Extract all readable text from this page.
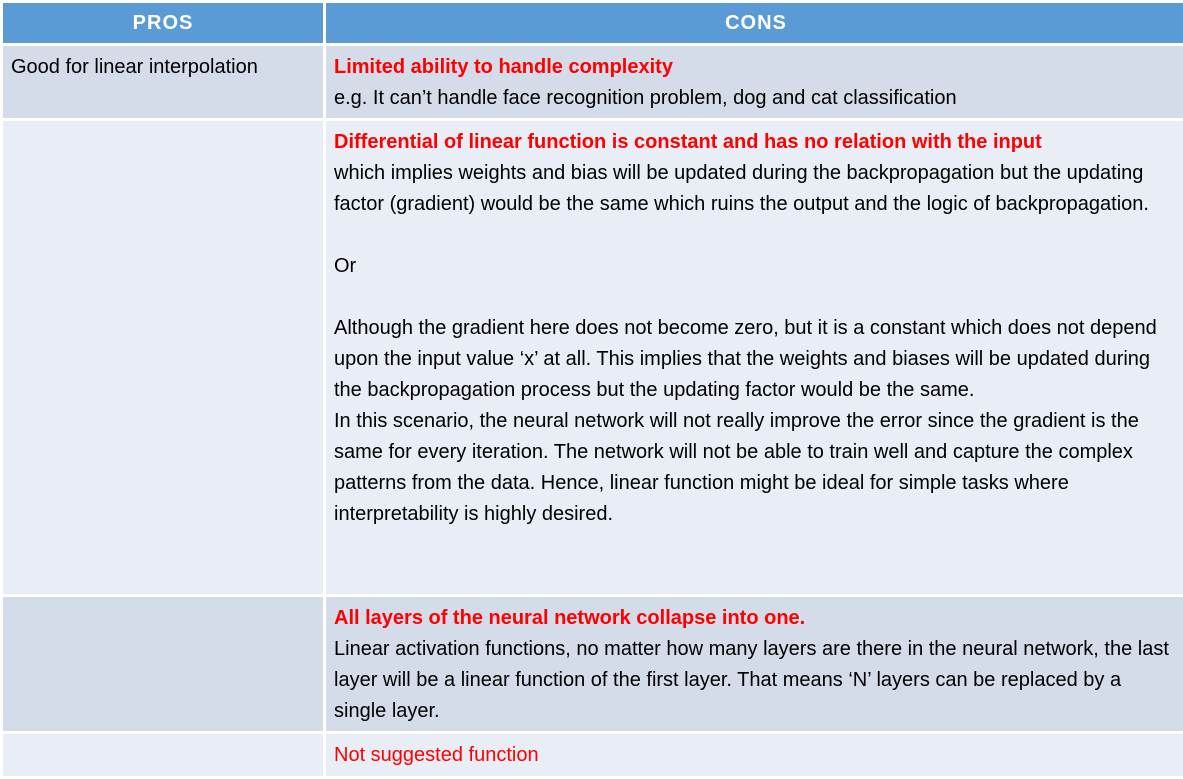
PROS	CONS

Good for linear interpolation	Limited ability to handle complexity

e.g. It can’t handle face recognition problem, dog and cat classification

	Differential of linear function is constant and has no relation with the input

which implies weights and bias will be updated during the backpropagation but the updating factor (gradient) would be the same which ruins the output and the logic of backpropagation.

Or

Although the gradient here does not become zero, but it is a constant which does not depend upon the input value ‘x’ at all. This implies that the weights and biases will be updated during the backpropagation process but the updating factor would be the same.

In this scenario, the neural network will not really improve the error since the gradient is the same for every iteration. The network will not be able to train well and capture the complex patterns from the data. Hence, linear function might be ideal for simple tasks where interpretability is highly desired.

	All layers of the neural network collapse into one.

Linear activation functions, no matter how many layers are there in the neural network, the last layer will be a linear function of the first layer. That means ‘N’ layers can be replaced by a single layer.

	Not suggested function
